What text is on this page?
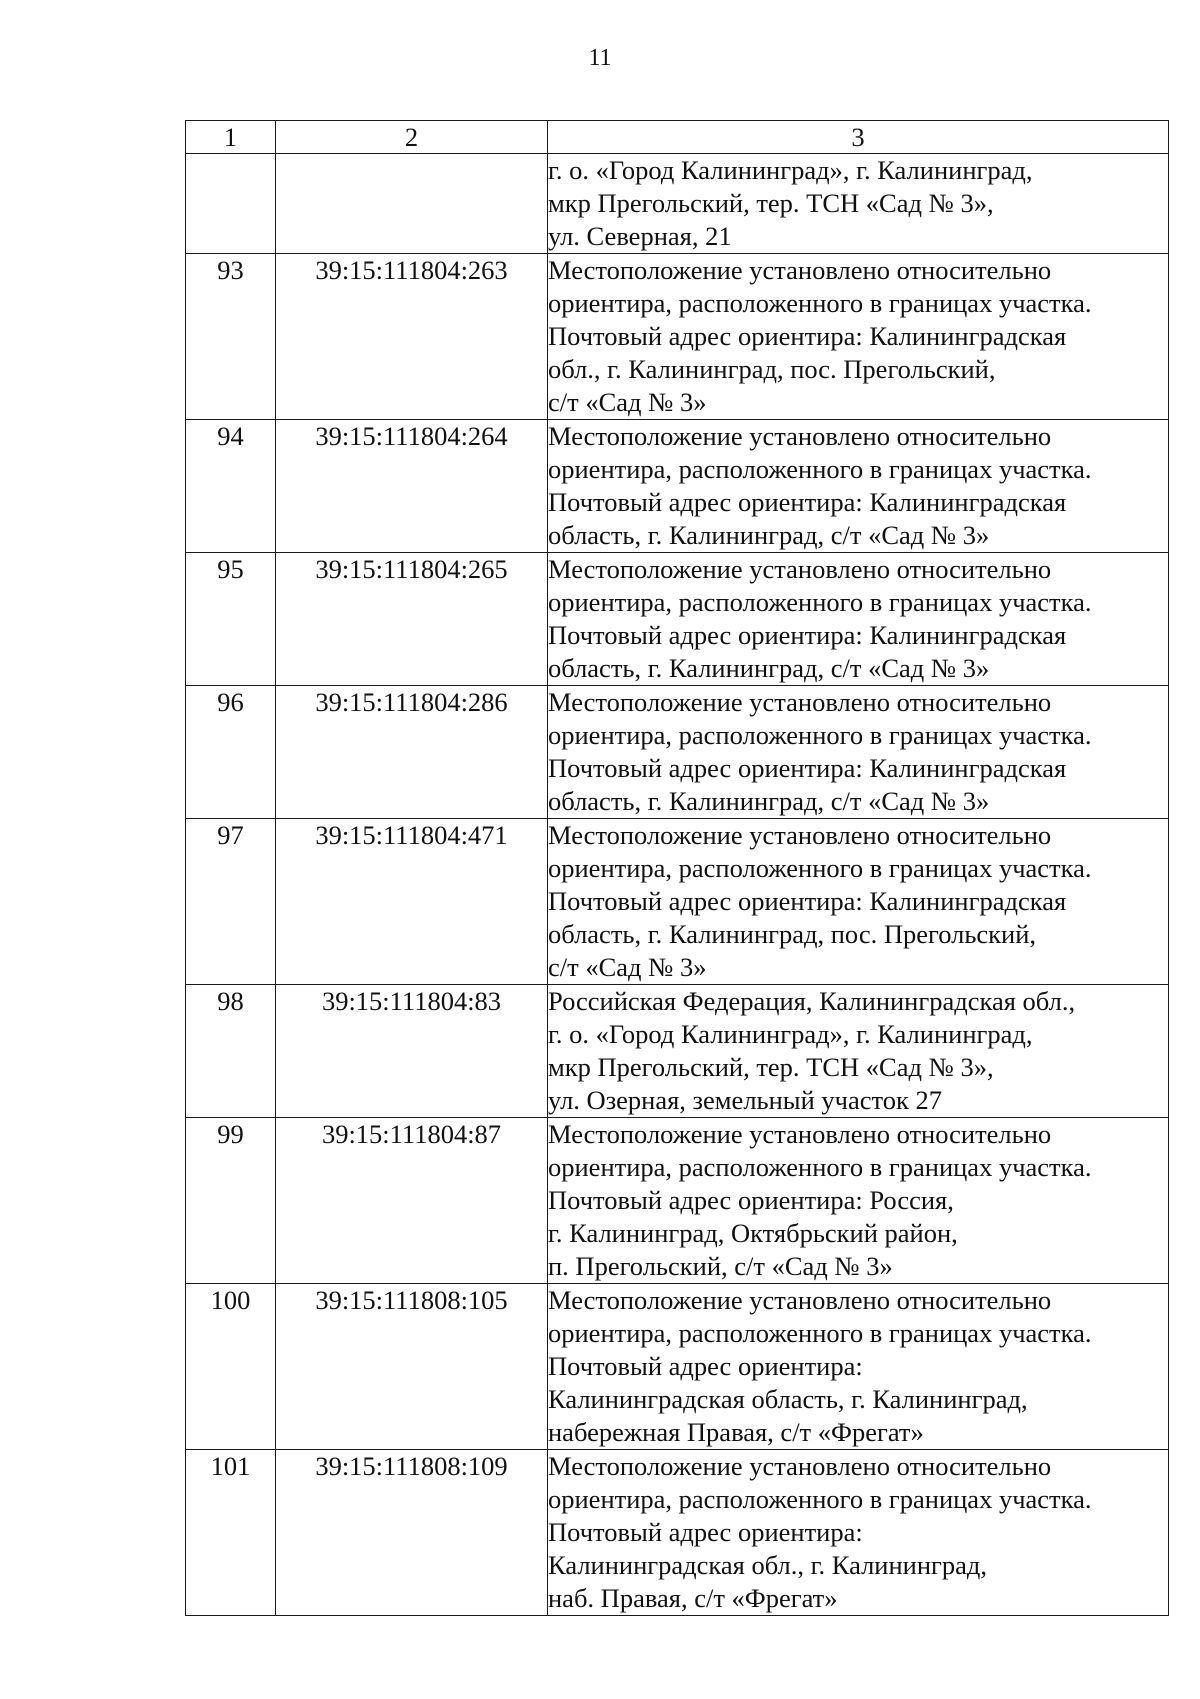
11
1	2	3

		г. о. «Город Калининград», г. Калининград,
мкр Прегольский, тер. ТСН «Сад № 3»,
ул. Северная, 21

93	39:15:111804:263	Местоположение установлено относительно
ориентира, расположенного в границах участка.
Почтовый адрес ориентира: Калининградская
обл., г. Калининград, пос. Прегольский,
с/т «Сад № 3»

94	39:15:111804:264	Местоположение установлено относительно
ориентира, расположенного в границах участка.
Почтовый адрес ориентира: Калининградская
область, г. Калининград, с/т «Сад № 3»

95	39:15:111804:265	Местоположение установлено относительно
ориентира, расположенного в границах участка.
Почтовый адрес ориентира: Калининградская
область, г. Калининград, с/т «Сад № 3»

96	39:15:111804:286	Местоположение установлено относительно
ориентира, расположенного в границах участка.
Почтовый адрес ориентира: Калининградская
область, г. Калининград, с/т «Сад № 3»

97	39:15:111804:471	Местоположение установлено относительно
ориентира, расположенного в границах участка.
Почтовый адрес ориентира: Калининградская
область, г. Калининград, пос. Прегольский,
с/т «Сад № 3»

98	39:15:111804:83	Российская Федерация, Калининградская обл.,
г. о. «Город Калининград», г. Калининград,
мкр Прегольский, тер. ТСН «Сад № 3»,
ул. Озерная, земельный участок 27

99	39:15:111804:87	Местоположение установлено относительно
ориентира, расположенного в границах участка.
Почтовый адрес ориентира: Россия,
г. Калининград, Октябрьский район,
п. Прегольский, с/т «Сад № 3»

100	39:15:111808:105	Местоположение установлено относительно
ориентира, расположенного в границах участка.
Почтовый адрес ориентира:
Калининградская область, г. Калининград,
набережная Правая, с/т «Фрегат»

101	39:15:111808:109	Местоположение установлено относительно
ориентира, расположенного в границах участка.
Почтовый адрес ориентира:
Калининградская обл., г. Калининград,
наб. Правая, с/т «Фрегат»
